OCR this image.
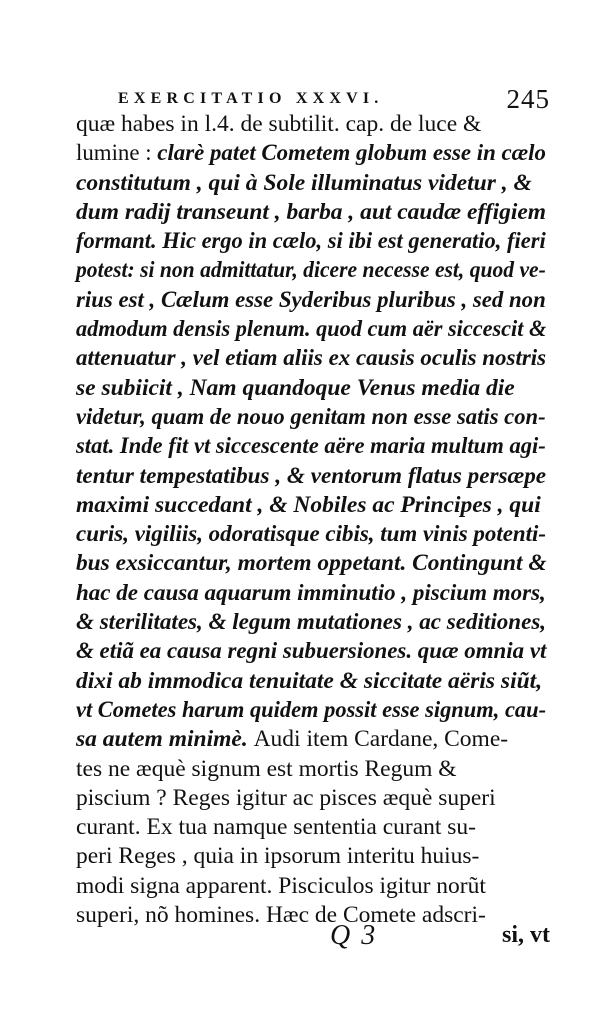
EXERCITATIO XXXVI.	245
quæ habes in l.4. de subtilit. cap. de luce &
lumine : clarè patet Cometem globum esse in cælo
constitutum , qui à Sole illuminatus videtur , &
dum radij transeunt , barba , aut caudæ effigiem
formant. Hic ergo in cælo, si ibi est generatio, fieri
potest: si non admittatur, dicere necesse est, quod ve-
rius est , Cælum esse Syderibus pluribus , sed non
admodum densis plenum. quod cum aër siccescit &
attenuatur , vel etiam aliis ex causis oculis nostris
se subiicit , Nam quandoque Venus media die
videtur, quam de nouo genitam non esse satis con-
stat. Inde fit vt siccescente aëre maria multum agi-
tentur tempestatibus , & ventorum flatus persæpe
maximi succedant , & Nobiles ac Principes , qui
curis, vigiliis, odoratisque cibis, tum vinis potenti-
bus exsiccantur, mortem oppetant. Contingunt &
hac de causa aquarum imminutio , piscium mors,
& sterilitates, & legum mutationes , ac seditiones,
& etiã ea causa regni subuersiones. quæ omnia vt
dixi ab immodica tenuitate & siccitate aëris siũt,
vt Cometes harum quidem possit esse signum, cau-
sa autem minimè. Audi item Cardane, Come-
tes ne æquè signum est mortis Regum &
piscium ? Reges igitur ac pisces æquè superi
curant. Ex tua namque sententia curant su-
peri Reges , quia in ipsorum interitu huius-
modi signa apparent. Pisciculos igitur norũt
superi, nõ homines. Hæc de Comete adscri-
Q 3	si, vt
